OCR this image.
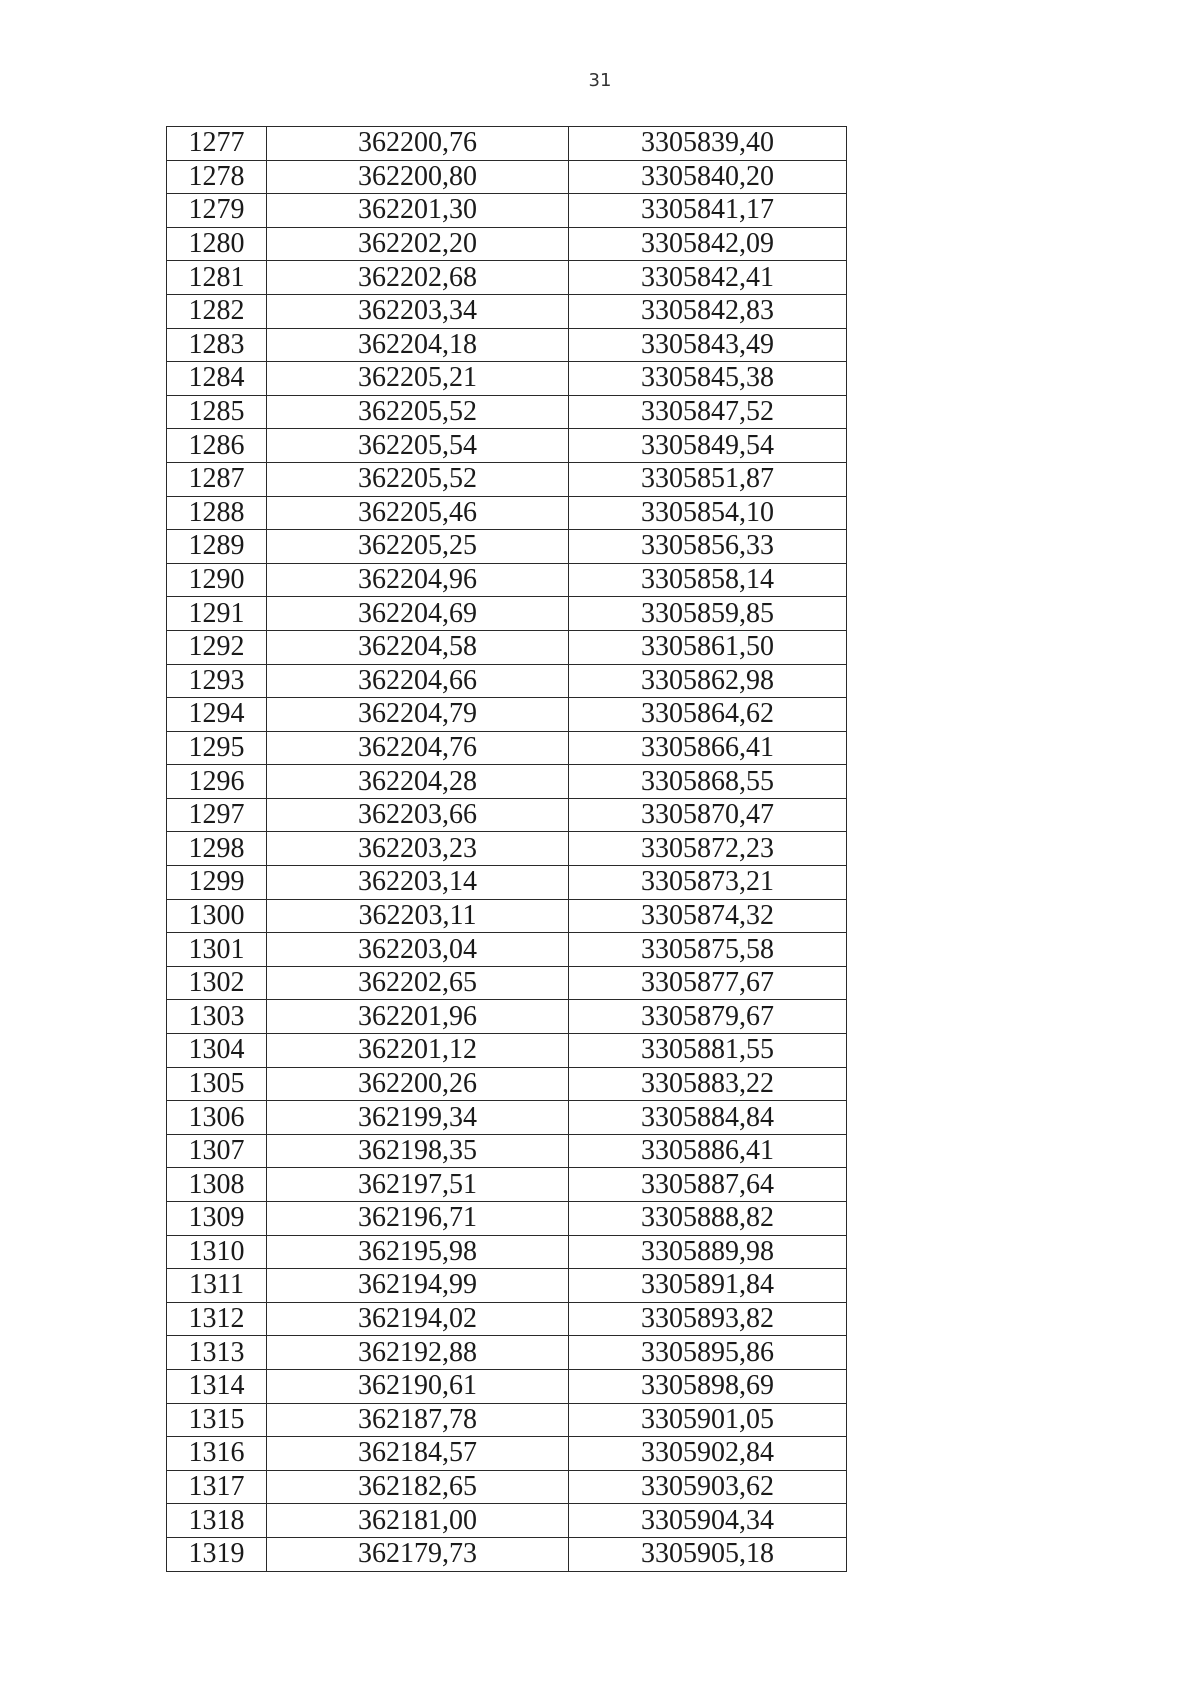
31
1277	362200,76	3305839,40
1278	362200,80	3305840,20
1279	362201,30	3305841,17
1280	362202,20	3305842,09
1281	362202,68	3305842,41
1282	362203,34	3305842,83
1283	362204,18	3305843,49
1284	362205,21	3305845,38
1285	362205,52	3305847,52
1286	362205,54	3305849,54
1287	362205,52	3305851,87
1288	362205,46	3305854,10
1289	362205,25	3305856,33
1290	362204,96	3305858,14
1291	362204,69	3305859,85
1292	362204,58	3305861,50
1293	362204,66	3305862,98
1294	362204,79	3305864,62
1295	362204,76	3305866,41
1296	362204,28	3305868,55
1297	362203,66	3305870,47
1298	362203,23	3305872,23
1299	362203,14	3305873,21
1300	362203,11	3305874,32
1301	362203,04	3305875,58
1302	362202,65	3305877,67
1303	362201,96	3305879,67
1304	362201,12	3305881,55
1305	362200,26	3305883,22
1306	362199,34	3305884,84
1307	362198,35	3305886,41
1308	362197,51	3305887,64
1309	362196,71	3305888,82
1310	362195,98	3305889,98
1311	362194,99	3305891,84
1312	362194,02	3305893,82
1313	362192,88	3305895,86
1314	362190,61	3305898,69
1315	362187,78	3305901,05
1316	362184,57	3305902,84
1317	362182,65	3305903,62
1318	362181,00	3305904,34
1319	362179,73	3305905,18
